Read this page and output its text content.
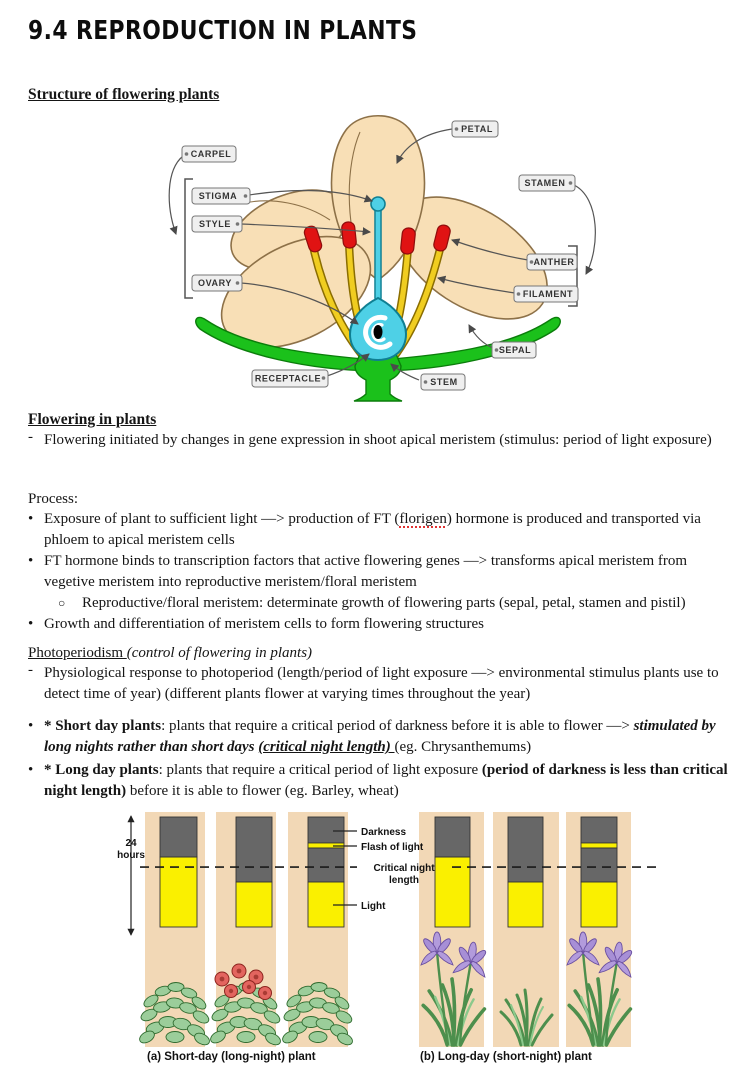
9.4 REPRODUCTION IN PLANTS
Structure of flowering plants
PETAL
CARPEL
STIGMA
STYLE
OVARY
STAMEN
ANTHER
FILAMENT
SEPAL
RECEPTACLE	STEM
Flowering in plants
- Flowering initiated by changes in gene expression in shoot apical meristem (stimulus: period of light exposure)
Process:
• Exposure of plant to sufficient light —> production of FT (florigen) hormone is produced and transported via phloem to apical meristem cells
• FT hormone binds to transcription factors that active flowering genes —> transforms apical meristem from vegetive meristem into reproductive meristem/floral meristem
○	Reproductive/floral meristem: determinate growth of flowering parts (sepal, petal, stamen and pistil)
• Growth and differentiation of meristem cells to form flowering structures
Photoperiodism (control of flowering in plants)
- Physiological response to photoperiod (length/period of light exposure —> environmental stimulus plants use to detect time of year) (different plants flower at varying times throughout the year)
• * Short day plants: plants that require a critical period of darkness before it is able to flower —> stimulated by long nights rather than short days (critical night length) (eg. Chrysanthemums)
• * Long day plants: plants that require a critical period of light exposure (period of darkness is less than critical night length) before it is able to flower (eg. Barley, wheat)
24
hours
Darkness
Flash of light
Critical night
length
Light
(a) Short-day (long-night) plant	(b) Long-day (short-night) plant
